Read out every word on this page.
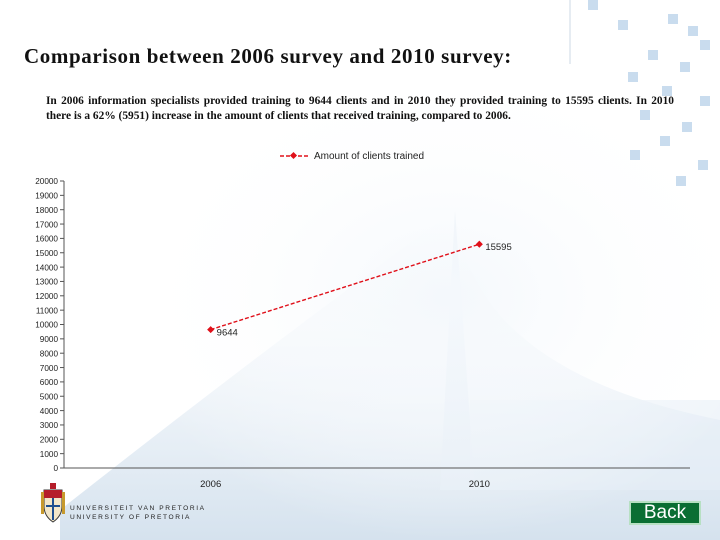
Comparison between 2006 survey and 2010 survey:

In 2006 information specialists provided training to 9644 clients and in 2010 they provided training to 15595 clients. In 2010 there is a 62% (5951) increase in the amount of clients that received training, compared to 2006.

Amount of clients trained
0
1000
2000
3000
4000
5000
6000
7000
8000
9000
10000
11000
12000
13000
14000
15000
16000
17000
18000
19000
20000
2006	2010
9644
15595
UNIVERSITEIT VAN PRETORIA
UNIVERSITY OF PRETORIA	Back
